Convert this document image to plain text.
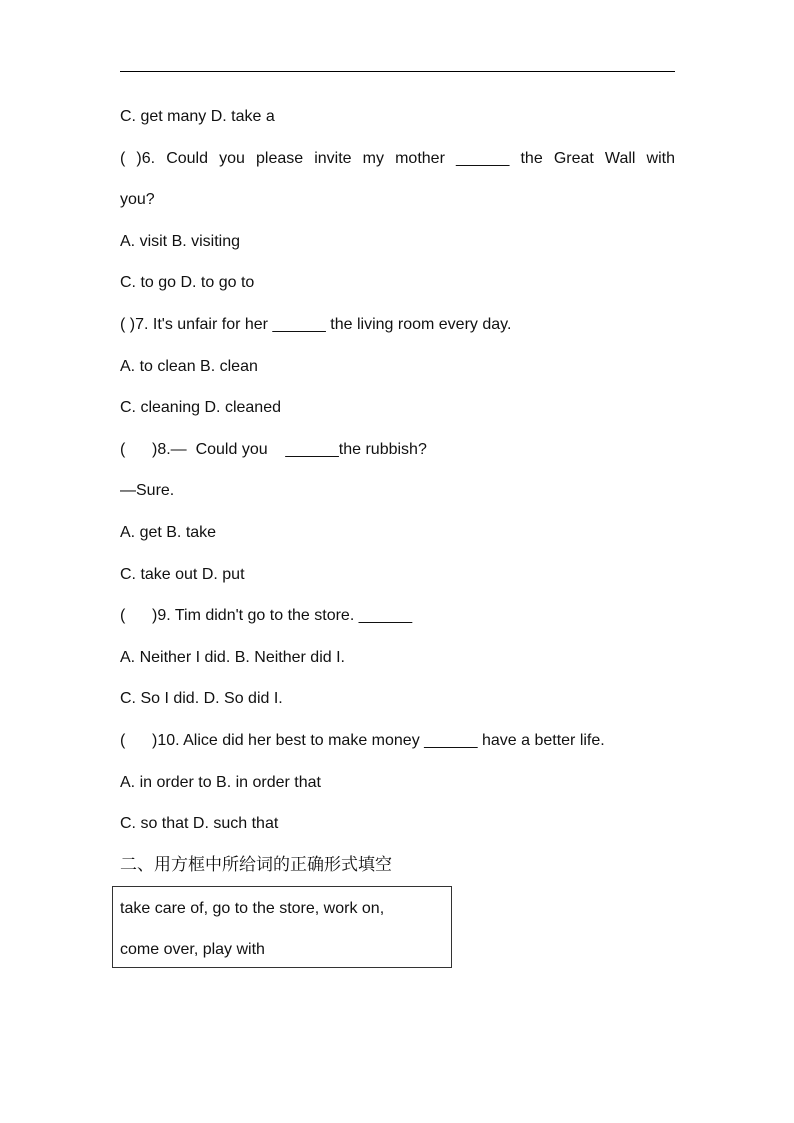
C. get many D. take a
( )6. Could you please invite my mother ______ the Great Wall with
you?
A. visit B. visiting
C. to go D. to go to
( )7. It's unfair for her ______ the living room every day.
A. to clean B. clean
C. cleaning D. cleaned
(      )8.—  Could you    ______the rubbish?
—Sure.
A. get B. take
C. take out D. put
(      )9. Tim didn't go to the store. ______
A. Neither I did. B. Neither did I.
C. So I did. D. So did I.
(      )10. Alice did her best to make money ______ have a better life.
A. in order to B. in order that
C. so that D. such that
二、用方框中所给词的正确形式填空
take care of, go to the store, work on,
come over, play with
